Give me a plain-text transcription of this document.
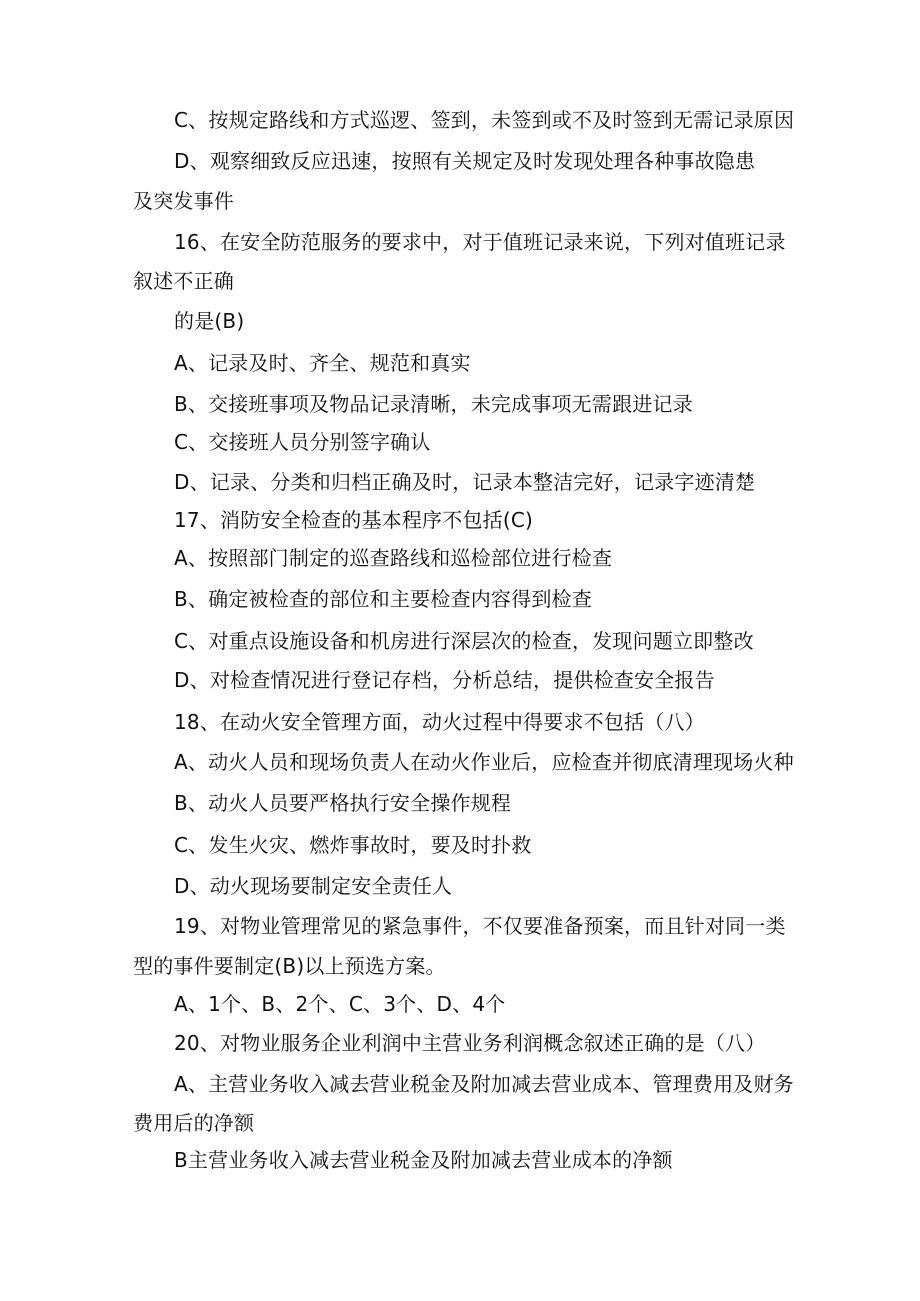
C、按规定路线和方式巡逻、签到，未签到或不及时签到无需记录原因
D、观察细致反应迅速，按照有关规定及时发现处理各种事故隐患
及突发事件
16、在安全防范服务的要求中，对于值班记录来说，下列对值班记录
叙述不正确
的是(B)
A、记录及时、齐全、规范和真实
B、交接班事项及物品记录清晰，未完成事项无需跟进记录
C、交接班人员分别签字确认
D、记录、分类和归档正确及时，记录本整洁完好，记录字迹清楚
17、消防安全检查的基本程序不包括(C)
A、按照部门制定的巡查路线和巡检部位进行检查
B、确定被检查的部位和主要检查内容得到检查
C、对重点设施设备和机房进行深层次的检查，发现问题立即整改
D、对检查情况进行登记存档，分析总结，提供检查安全报告
18、在动火安全管理方面，动火过程中得要求不包括（八）
A、动火人员和现场负责人在动火作业后，应检查并彻底清理现场火种
B、动火人员要严格执行安全操作规程
C、发生火灾、燃炸事故时，要及时扑救
D、动火现场要制定安全责任人
19、对物业管理常见的紧急事件，不仅要准备预案，而且针对同一类
型的事件要制定(B)以上预选方案。
A、1个、B、2个、C、3个、D、4个
20、对物业服务企业利润中主营业务利润概念叙述正确的是（八）
A、主营业务收入减去营业税金及附加减去营业成本、管理费用及财务
费用后的净额
B主营业务收入减去营业税金及附加减去营业成本的净额
